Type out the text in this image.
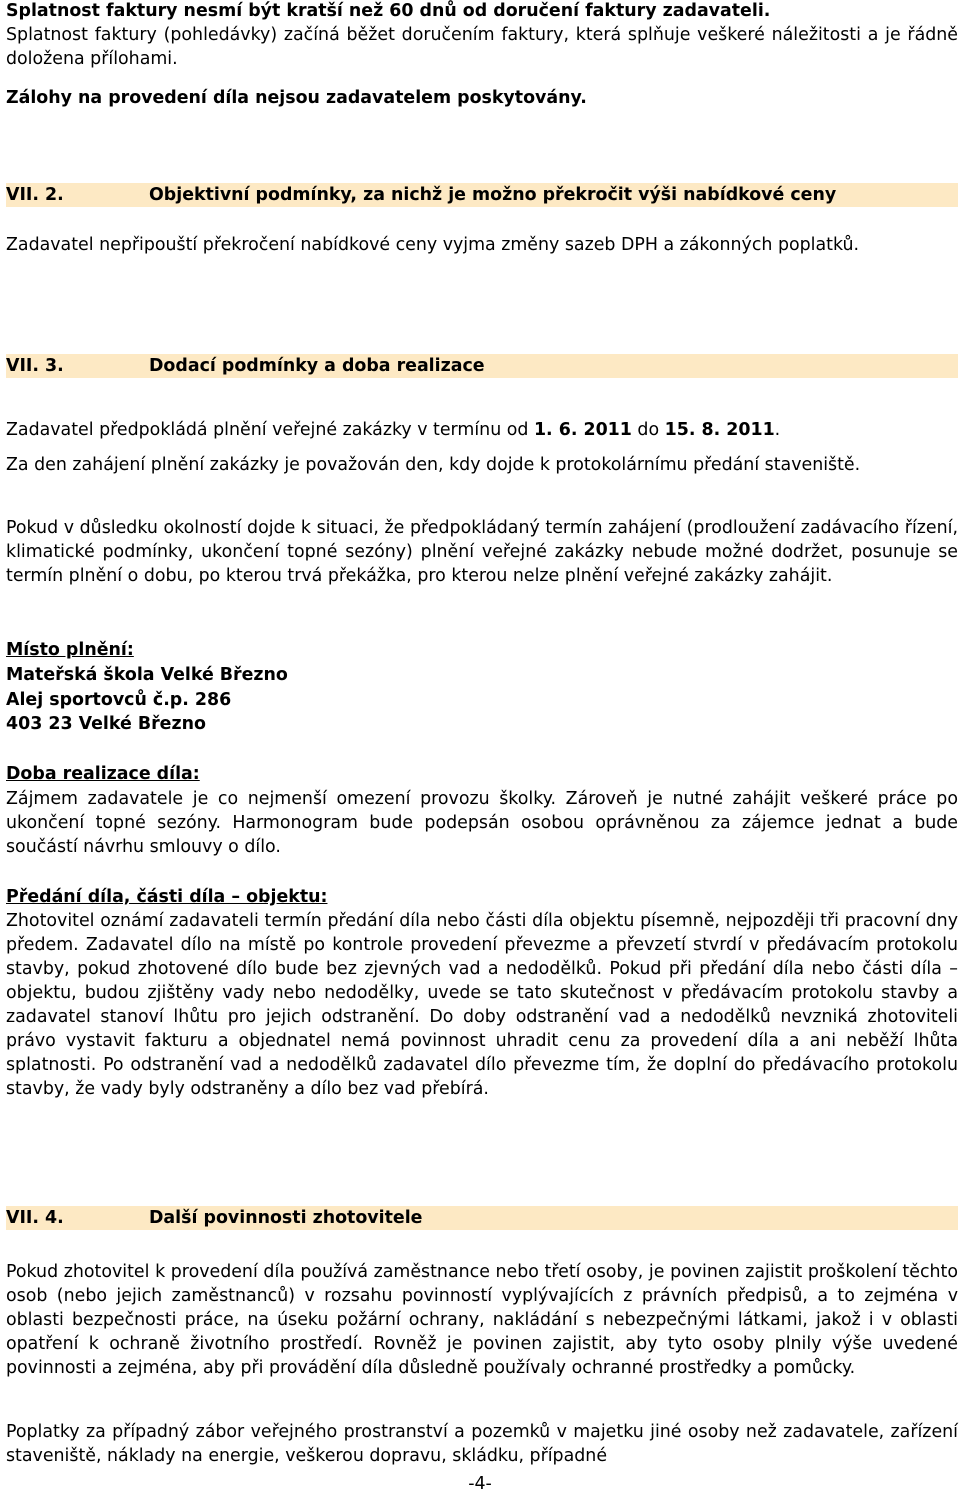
Splatnost faktury nesmí být kratší než 60 dnů od doručení faktury zadavateli.

Splatnost faktury (pohledávky) začíná běžet doručením faktury, která splňuje veškeré náležitosti a je řádně doložena přílohami.

Zálohy na provedení díla nejsou zadavatelem poskytovány.

VII. 2.	Objektivní podmínky, za nichž je možno překročit výši nabídkové ceny

Zadavatel nepřipouští překročení nabídkové ceny vyjma změny sazeb DPH a zákonných poplatků.

VII. 3.	Dodací podmínky a doba realizace

Zadavatel předpokládá plnění veřejné zakázky v termínu od 1. 6. 2011 do 15. 8. 2011.

Za den zahájení plnění zakázky je považován den, kdy dojde k protokolárnímu předání staveniště.

Pokud v důsledku okolností dojde k situaci, že předpokládaný termín zahájení (prodloužení zadávacího řízení, klimatické podmínky, ukončení topné sezóny) plnění veřejné zakázky nebude možné dodržet, posunuje se termín plnění o dobu, po kterou trvá překážka, pro kterou nelze plnění veřejné zakázky zahájit.

Místo plnění:

Mateřská škola Velké Březno

Alej sportovců č.p. 286

403 23 Velké Březno

Doba realizace díla:

Zájmem zadavatele je co nejmenší omezení provozu školky. Zároveň je nutné zahájit veškeré práce po ukončení topné sezóny. Harmonogram bude podepsán osobou oprávněnou za zájemce jednat a bude součástí návrhu smlouvy o dílo.

Předání díla, části díla – objektu:

Zhotovitel oznámí zadavateli termín předání díla nebo části díla objektu písemně, nejpozději tři pracovní dny předem. Zadavatel dílo na místě po kontrole provedení převezme a převzetí stvrdí v předávacím protokolu stavby, pokud zhotovené dílo bude bez zjevných vad a nedodělků. Pokud při předání díla nebo části díla – objektu, budou zjištěny vady nebo nedodělky, uvede se tato skutečnost v předávacím protokolu stavby a zadavatel stanoví lhůtu pro jejich odstranění. Do doby odstranění vad a nedodělků nevzniká zhotoviteli právo vystavit fakturu a objednatel nemá povinnost uhradit cenu za provedení díla a ani neběží lhůta splatnosti. Po odstranění vad a nedodělků zadavatel dílo převezme tím, že doplní do předávacího protokolu stavby, že vady byly odstraněny a dílo bez vad přebírá.

VII. 4.	Další povinnosti zhotovitele

Pokud zhotovitel k provedení díla používá zaměstnance nebo třetí osoby, je povinen zajistit proškolení těchto osob (nebo jejich zaměstnanců) v rozsahu povinností vyplývajících z právních předpisů, a to zejména v oblasti bezpečnosti práce, na úseku požární ochrany, nakládání s nebezpečnými látkami, jakož i v oblasti opatření k ochraně životního prostředí. Rovněž je povinen zajistit, aby tyto osoby plnily výše uvedené povinnosti a zejména, aby při provádění díla důsledně používaly ochranné prostředky a pomůcky.

Poplatky za případný zábor veřejného prostranství a pozemků v majetku jiné osoby než zadavatele, zařízení staveniště, náklady na energie, veškerou dopravu, skládku, případné

-4-
